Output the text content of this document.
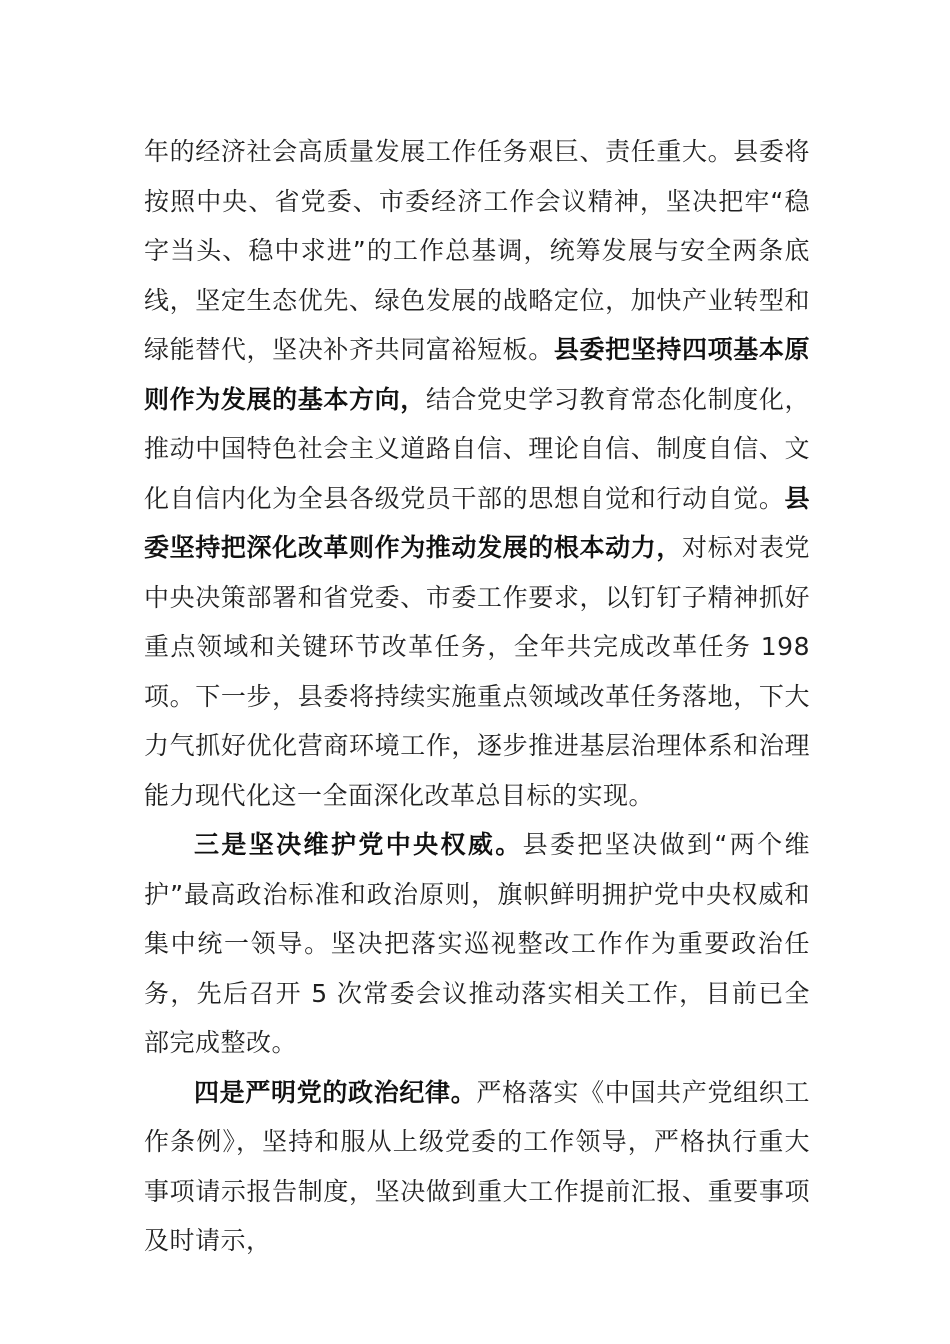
年的经济社会高质量发展工作任务艰巨、责任重大。县委将按照中央、省党委、市委经济工作会议精神，坚决把牢“稳字当头、稳中求进”的工作总基调，统筹发展与安全两条底线，坚定生态优先、绿色发展的战略定位，加快产业转型和绿能替代，坚决补齐共同富裕短板。县委把坚持四项基本原则作为发展的基本方向，结合党史学习教育常态化制度化，推动中国特色社会主义道路自信、理论自信、制度自信、文化自信内化为全县各级党员干部的思想自觉和行动自觉。县委坚持把深化改革则作为推动发展的根本动力，对标对表党中央决策部署和省党委、市委工作要求，以钉钉子精神抓好重点领域和关键环节改革任务，全年共完成改革任务 198 项。下一步，县委将持续实施重点领域改革任务落地，下大力气抓好优化营商环境工作，逐步推进基层治理体系和治理能力现代化这一全面深化改革总目标的实现。

三是坚决维护党中央权威。县委把坚决做到“两个维护”最高政治标准和政治原则，旗帜鲜明拥护党中央权威和集中统一领导。坚决把落实巡视整改工作作为重要政治任务，先后召开 5 次常委会议推动落实相关工作，目前已全部完成整改。

四是严明党的政治纪律。严格落实《中国共产党组织工作条例》，坚持和服从上级党委的工作领导，严格执行重大事项请示报告制度，坚决做到重大工作提前汇报、重要事项及时请示，
